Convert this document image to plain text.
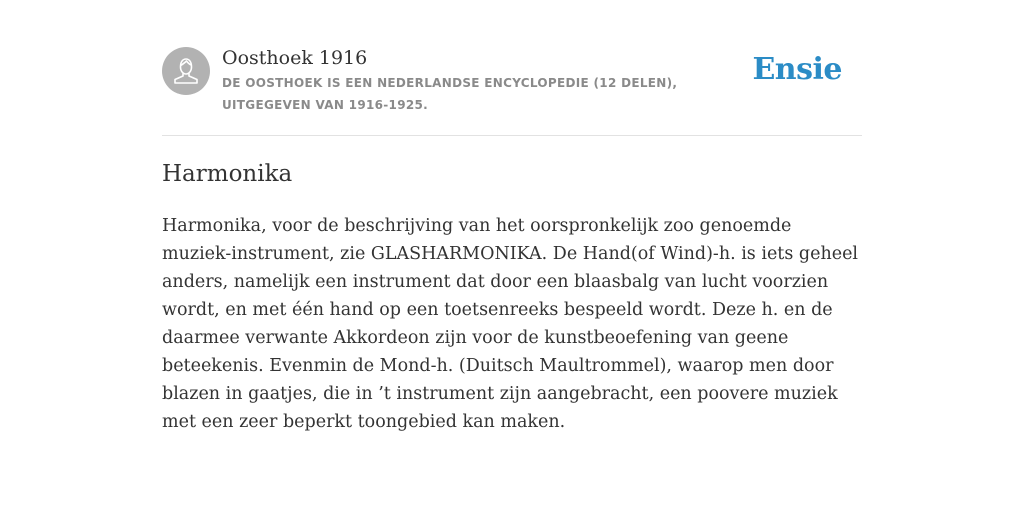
Oosthoek 1916
DE OOSTHOEK IS EEN NEDERLANDSE ENCYCLOPEDIE (12 DELEN), UITGEGEVEN VAN 1916-1925.
Ensie
Harmonika

Harmonika, voor de beschrijving van het oorspronkelijk zoo genoemde muziek-instrument, zie GLASHARMONIKA. De Hand(of Wind)-h. is iets geheel anders, namelijk een instrument dat door een blaasbalg van lucht voorzien wordt, en met één hand op een toetsenreeks bespeeld wordt. Deze h. en de daarmee verwante Akkordeon zijn voor de kunstbeoefening van geene beteekenis. Evenmin de Mond-h. (Duitsch Maultrommel), waarop men door blazen in gaatjes, die in ’t instrument zijn aangebracht, een poovere muziek met een zeer beperkt toongebied kan maken.
